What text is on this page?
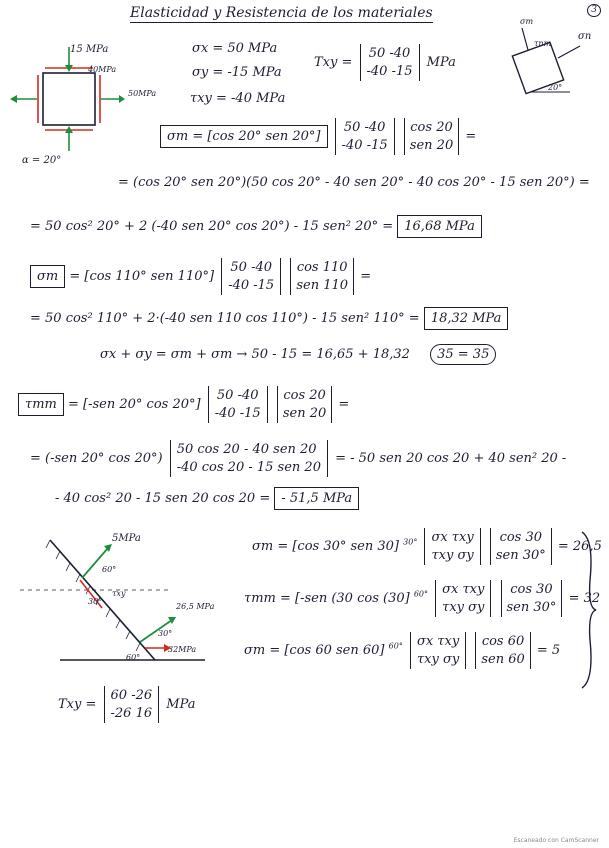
Elasticidad y Resistencia de los materiales	3
15 MPa
40MPa
50MPa
α = 20°
σx = 50 MPa
σy = -15 MPa
τxy = -40 MPa
Txy =
50 -40
-40 -15
MPa
σm
τnm
σn
20°
σm = [cos 20° sen 20°]
50 -40
-40 -15

cos 20
sen 20
=
= (cos 20° sen 20°)(50 cos 20° - 40 sen 20° - 40 cos 20° - 15 sen 20°) =
= 50 cos² 20° + 2 (-40 sen 20° cos 20°) - 15 sen² 20° = 16,68 MPa
σm = [cos 110° sen 110°]
50 -40
-40 -15

cos 110
sen 110
=
= 50 cos² 110° + 2·(-40 sen 110 cos 110°) - 15 sen² 110° = 18,32 MPa
σx + σy = σm + σm → 50 - 15 = 16,65 + 18,32 35 = 35
τmm = [-sen 20° cos 20°]
50 -40
-40 -15

cos 20
sen 20
=
= (-sen 20° cos 20°)
50 cos 20 - 40 sen 20
-40 cos 20 - 15 sen 20
= - 50 sen 20 cos 20 + 40 sen² 20 -
- 40 cos² 20 - 15 sen 20 cos 20 = - 51,5 MPa
5MPa
60°
τxy
30°
26,5 MPa
30°
60°
32MPa
σm = [cos 30° sen 30] $^{30^\circ}$ σx τxy
τxy σy

cos 30
sen 30°
= 26,5
τmm = [-sen (30 cos (30] $^{60^\circ}$ σx τxy
τxy σy

cos 30
sen 30°
= 32
σm = [cos 60 sen 60] $^{60^\circ}$ σx τxy
τxy σy

cos 60
sen 60
= 5
Txy =
60 -26
-26 16
MPa
Escaneado con CamScanner
